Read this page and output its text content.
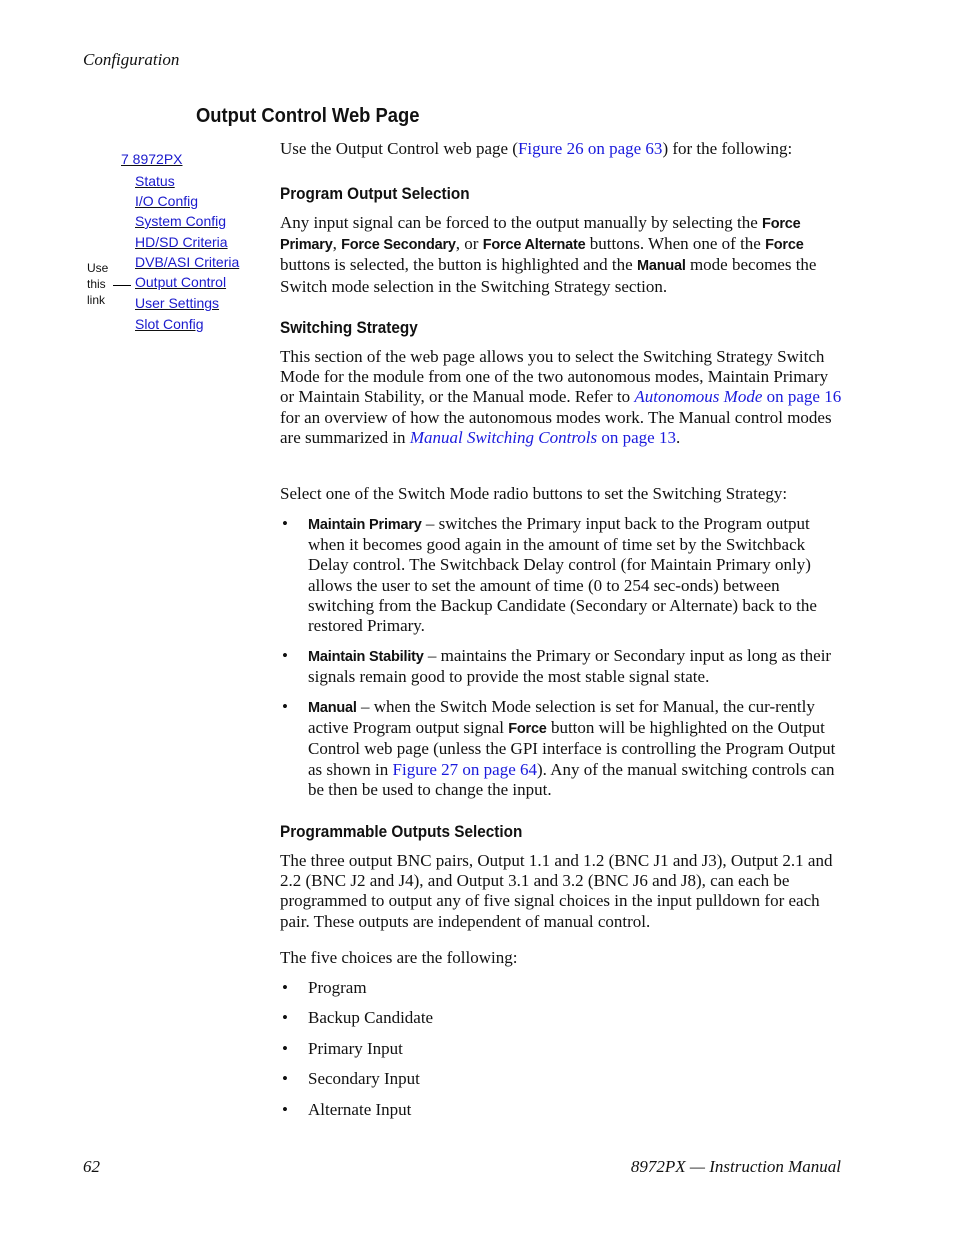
Configuration
Output Control Web Page
7 8972PX
Status
I/O Config
System Config
HD/SD Criteria
DVB/ASI Criteria
Output Control
User Settings
Slot Config
Use
this
link
Use the Output Control web page (Figure 26 on page 63) for the following:
Program Output Selection
Any input signal can be forced to the output manually by selecting the Force Primary, Force Secondary, or Force Alternate buttons. When one of the Force buttons is selected, the button is highlighted and the Manual mode becomes the Switch mode selection in the Switching Strategy section.
Switching Strategy
This section of the web page allows you to select the Switching Strategy Switch Mode for the module from one of the two autonomous modes, Maintain Primary or Maintain Stability, or the Manual mode. Refer to Autonomous Mode on page 16 for an overview of how the autonomous modes work. The Manual control modes are summarized in Manual Switching Controls on page 13.
Select one of the Switch Mode radio buttons to set the Switching Strategy:
• Maintain Primary – switches the Primary input back to the Program output when it becomes good again in the amount of time set by the Switchback Delay control. The Switchback Delay control (for Maintain Primary only) allows the user to set the amount of time (0 to 254 sec-onds) between switching from the Backup Candidate (Secondary or Alternate) back to the restored Primary.
• Maintain Stability – maintains the Primary or Secondary input as long as their signals remain good to provide the most stable signal state.
• Manual – when the Switch Mode selection is set for Manual, the cur-rently active Program output signal Force button will be highlighted on the Output Control web page (unless the GPI interface is controlling the Program Output as shown in Figure 27 on page 64). Any of the manual switching controls can be then be used to change the input.
Programmable Outputs Selection
The three output BNC pairs, Output 1.1 and 1.2 (BNC J1 and J3), Output 2.1 and 2.2 (BNC J2 and J4), and Output 3.1 and 3.2 (BNC J6 and J8), can each be programmed to output any of five signal choices in the input pulldown for each pair. These outputs are independent of manual control.
The five choices are the following:
• Program
• Backup Candidate
• Primary Input
• Secondary Input
• Alternate Input
62	8972PX — Instruction Manual
